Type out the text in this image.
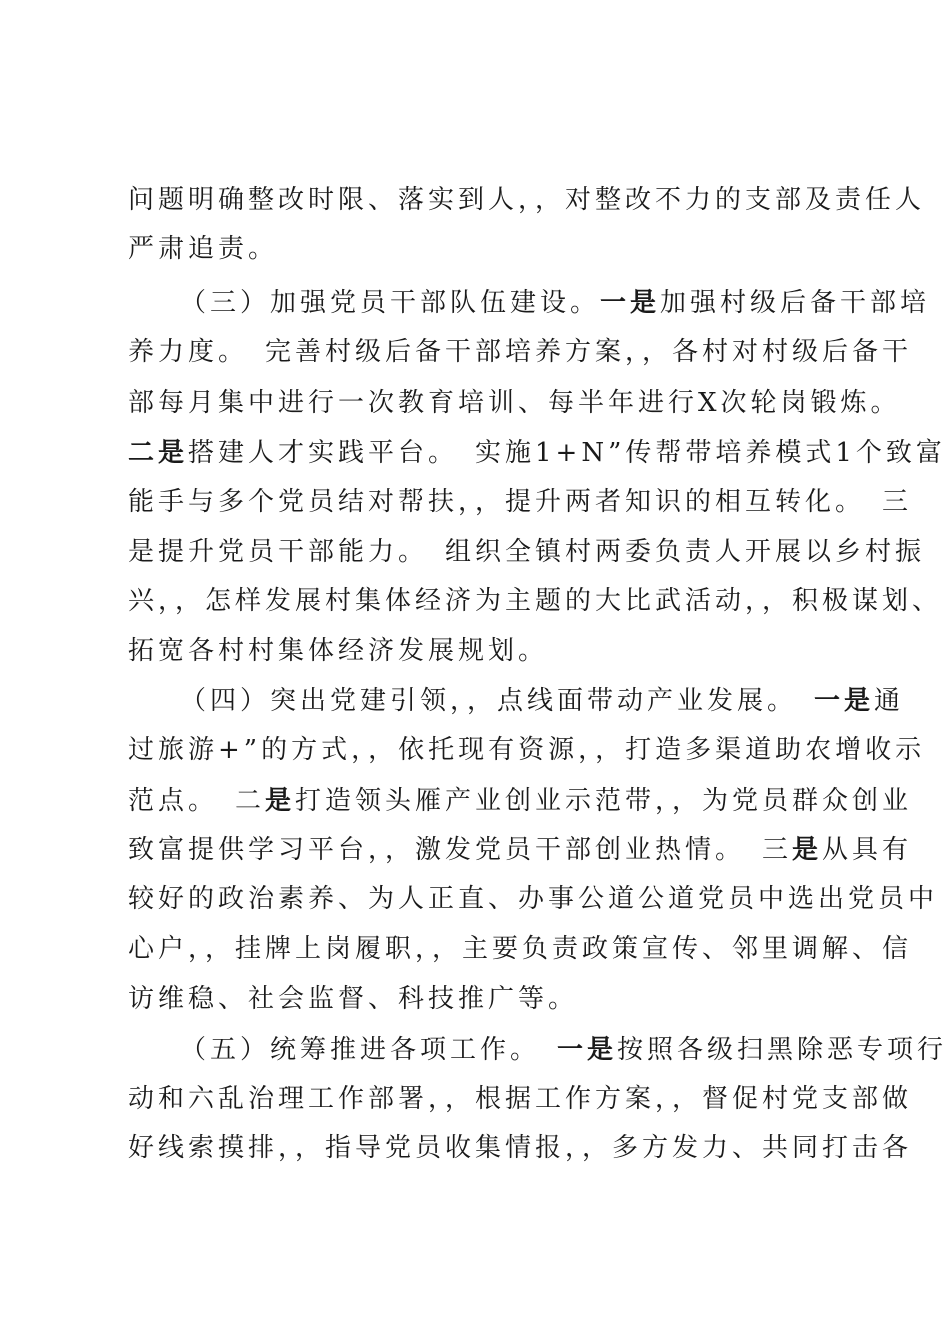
问题明确整改时限、落实到人，，对整改不力的支部及责任人
严肃追责。
（三）加强党员干部队伍建设。一是加强村级后备干部培
养力度。　完善村级后备干部培养方案，，各村对村级后备干
部每月集中进行一次教育培训、每半年进行X次轮岗锻炼。
二是搭建人才实践平台。　实施1+N”传帮带培养模式1个致富
能手与多个党员结对帮扶，，提升两者知识的相互转化。　三
是提升党员干部能力。　组织全镇村两委负责人开展以乡村振
兴，，怎样发展村集体经济为主题的大比武活动，，积极谋划、
拓宽各村村集体经济发展规划。
（四）突出党建引领，，点线面带动产业发展。　一是通
过旅游+”的方式，，依托现有资源，，打造多渠道助农增收示
范点。　二是打造领头雁产业创业示范带，，为党员群众创业
致富提供学习平台，，激发党员干部创业热情。　三是从具有
较好的政治素养、为人正直、办事公道公道党员中选出党员中
心户，，挂牌上岗履职，，主要负责政策宣传、邻里调解、信
访维稳、社会监督、科技推广等。
（五）统筹推进各项工作。　一是按照各级扫黑除恶专项行
动和六乱治理工作部署，，根据工作方案，，督促村党支部做
好线索摸排，，指导党员收集情报，，多方发力、共同打击各
